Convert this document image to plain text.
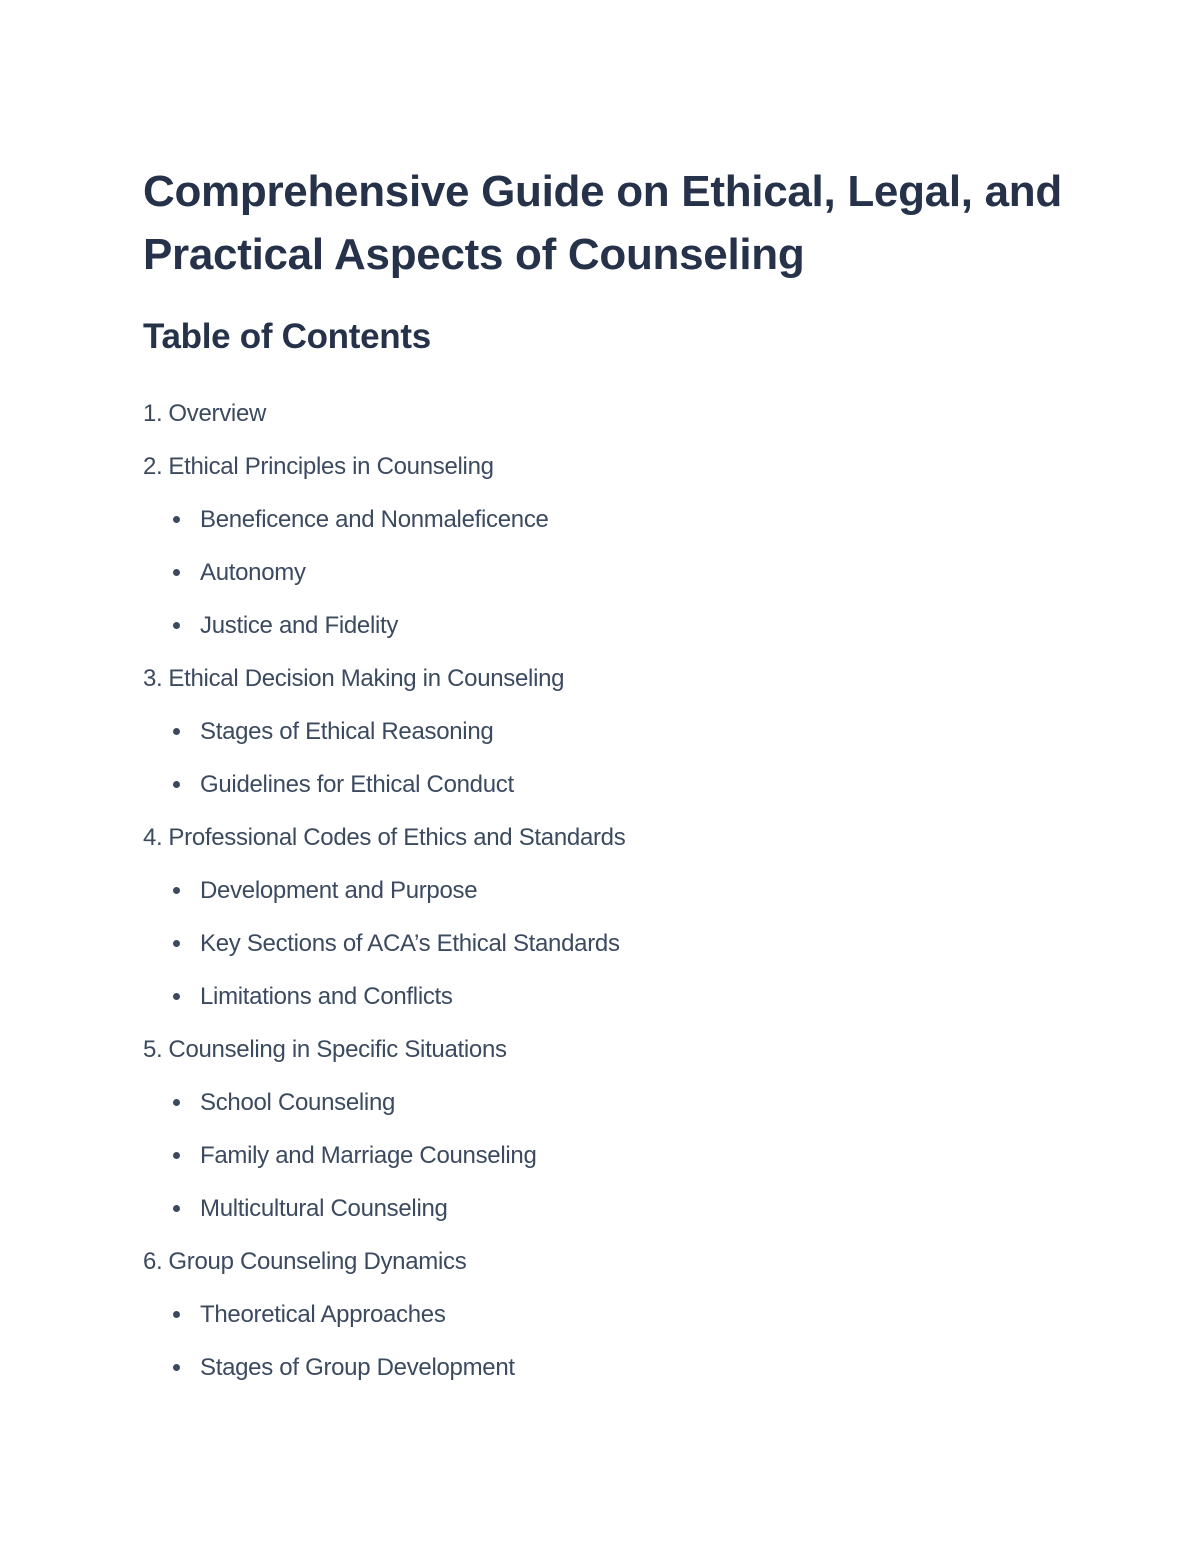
Comprehensive Guide on Ethical, Legal, and Practical Aspects of Counseling
Table of Contents
1. Overview
2. Ethical Principles in Counseling
Beneficence and Nonmaleficence
Autonomy
Justice and Fidelity
3. Ethical Decision Making in Counseling
Stages of Ethical Reasoning
Guidelines for Ethical Conduct
4. Professional Codes of Ethics and Standards
Development and Purpose
Key Sections of ACA’s Ethical Standards
Limitations and Conflicts
5. Counseling in Specific Situations
School Counseling
Family and Marriage Counseling
Multicultural Counseling
6. Group Counseling Dynamics
Theoretical Approaches
Stages of Group Development
